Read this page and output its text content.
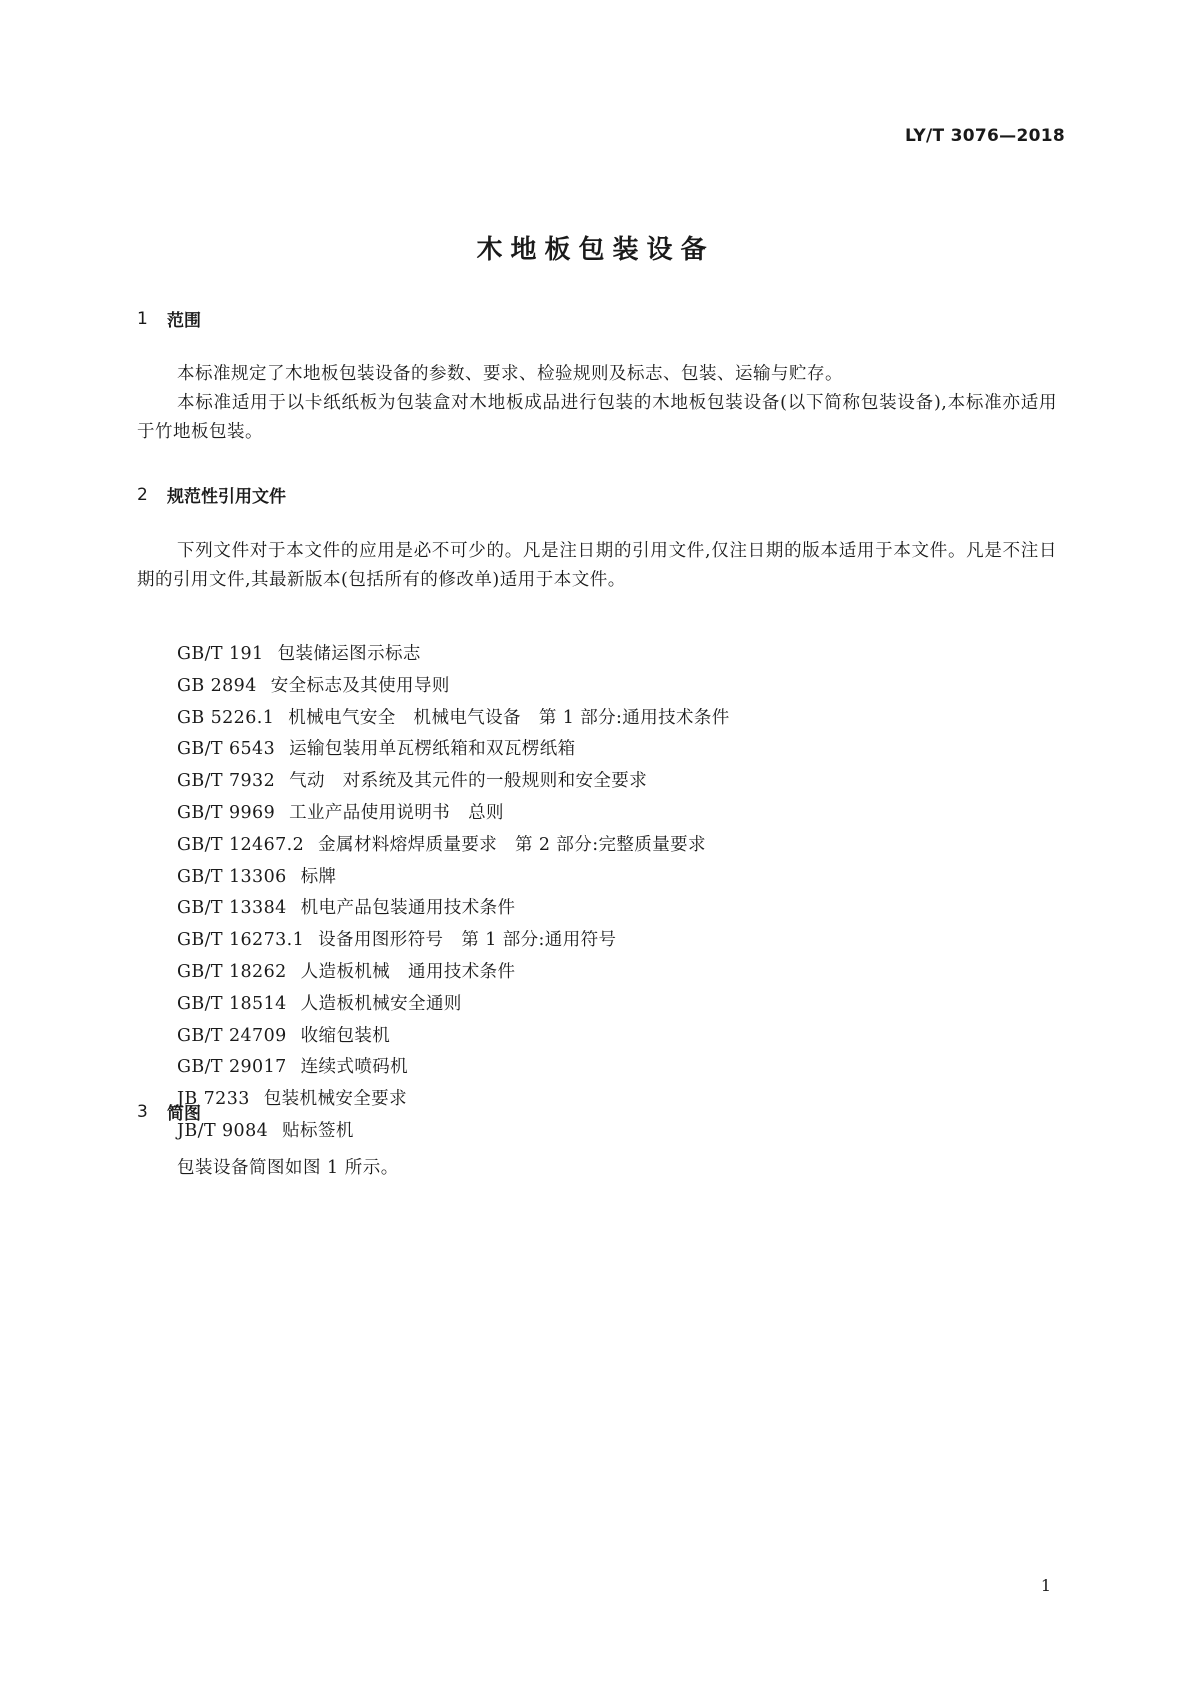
LY/T 3076—2018
木地板包装设备
1	范围

本标准规定了木地板包装设备的参数、要求、检验规则及标志、包装、运输与贮存。

本标准适用于以卡纸纸板为包装盒对木地板成品进行包装的木地板包装设备(以下简称包装设备),本标准亦适用于竹地板包装。

2	规范性引用文件

下列文件对于本文件的应用是必不可少的。凡是注日期的引用文件,仅注日期的版本适用于本文件。凡是不注日期的引用文件,其最新版本(包括所有的修改单)适用于本文件。

GB/T 191 包装储运图示标志
GB 2894 安全标志及其使用导则
GB 5226.1 机械电气安全　机械电气设备　第 1 部分:通用技术条件
GB/T 6543 运输包装用单瓦楞纸箱和双瓦楞纸箱
GB/T 7932 气动　对系统及其元件的一般规则和安全要求
GB/T 9969 工业产品使用说明书　总则
GB/T 12467.2 金属材料熔焊质量要求　第 2 部分:完整质量要求
GB/T 13306 标牌
GB/T 13384 机电产品包装通用技术条件
GB/T 16273.1 设备用图形符号　第 1 部分:通用符号
GB/T 18262 人造板机械　通用技术条件
GB/T 18514 人造板机械安全通则
GB/T 24709 收缩包装机
GB/T 29017 连续式喷码机
JB 7233 包装机械安全要求
JB/T 9084 贴标签机
3	简图

包装设备简图如图 1 所示。

1
